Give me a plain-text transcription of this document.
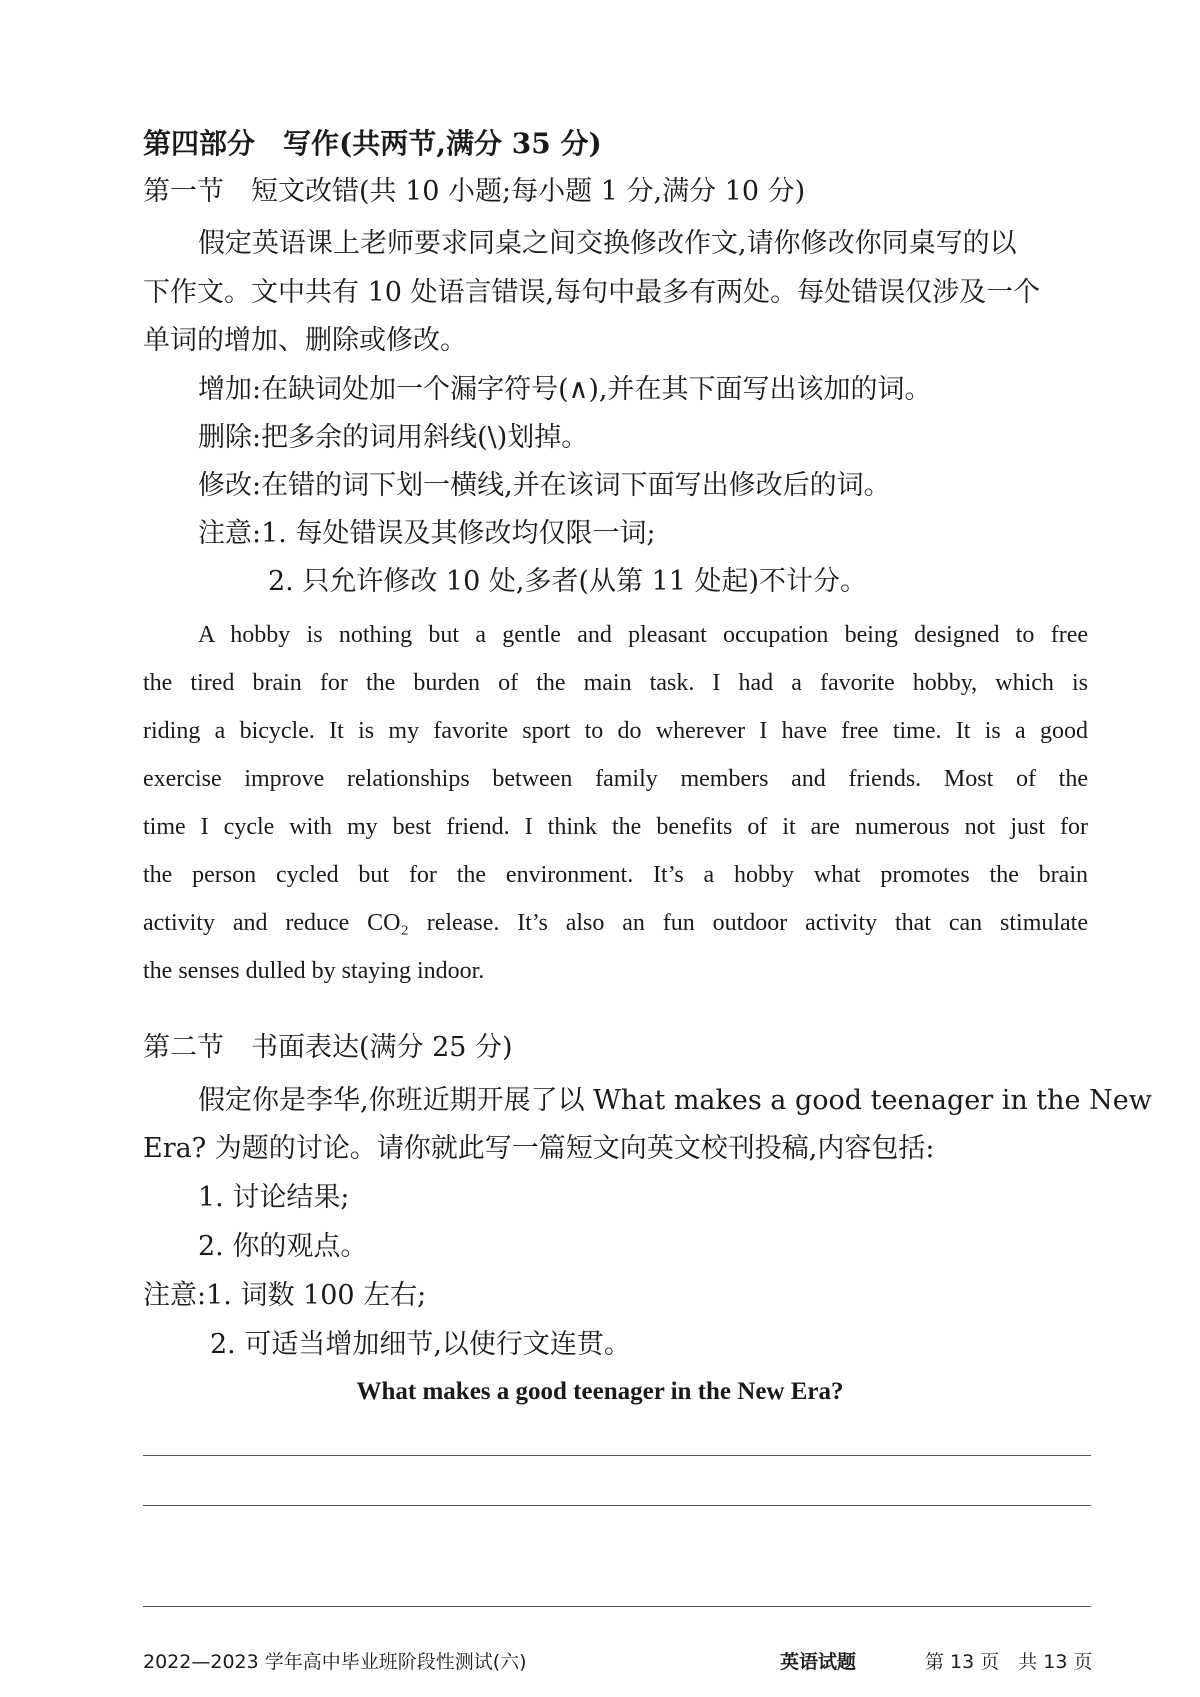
第四部分　写作(共两节,满分 35 分)
第一节　短文改错(共 10 小题;每小题 1 分,满分 10 分)
假定英语课上老师要求同桌之间交换修改作文,请你修改你同桌写的以
下作文。文中共有 10 处语言错误,每句中最多有两处。每处错误仅涉及一个
单词的增加、删除或修改。
增加:在缺词处加一个漏字符号(∧),并在其下面写出该加的词。
删除:把多余的词用斜线(\)划掉。
修改:在错的词下划一横线,并在该词下面写出修改后的词。
注意:1. 每处错误及其修改均仅限一词;
2. 只允许修改 10 处,多者(从第 11 处起)不计分。
A hobby is nothing but a gentle and pleasant occupation being designed to free
the tired brain for the burden of the main task. I had a favorite hobby, which is
riding a bicycle. It is my favorite sport to do wherever I have free time. It is a good
exercise improve relationships between family members and friends. Most of the
time I cycle with my best friend. I think the benefits of it are numerous not just for
the person cycled but for the environment. It’s a hobby what promotes the brain
activity and reduce CO₂ release. It’s also an fun outdoor activity that can stimulate
the senses dulled by staying indoor.
第二节　书面表达(满分 25 分)
假定你是李华,你班近期开展了以 What makes a good teenager in the New
Era? 为题的讨论。请你就此写一篇短文向英文校刊投稿,内容包括:
1. 讨论结果;
2. 你的观点。
注意:1. 词数 100 左右;
2. 可适当增加细节,以使行文连贯。
What makes a good teenager in the New Era?
2022—2023 学年高中毕业班阶段性测试(六)	英语试题	第 13 页　共 13 页
